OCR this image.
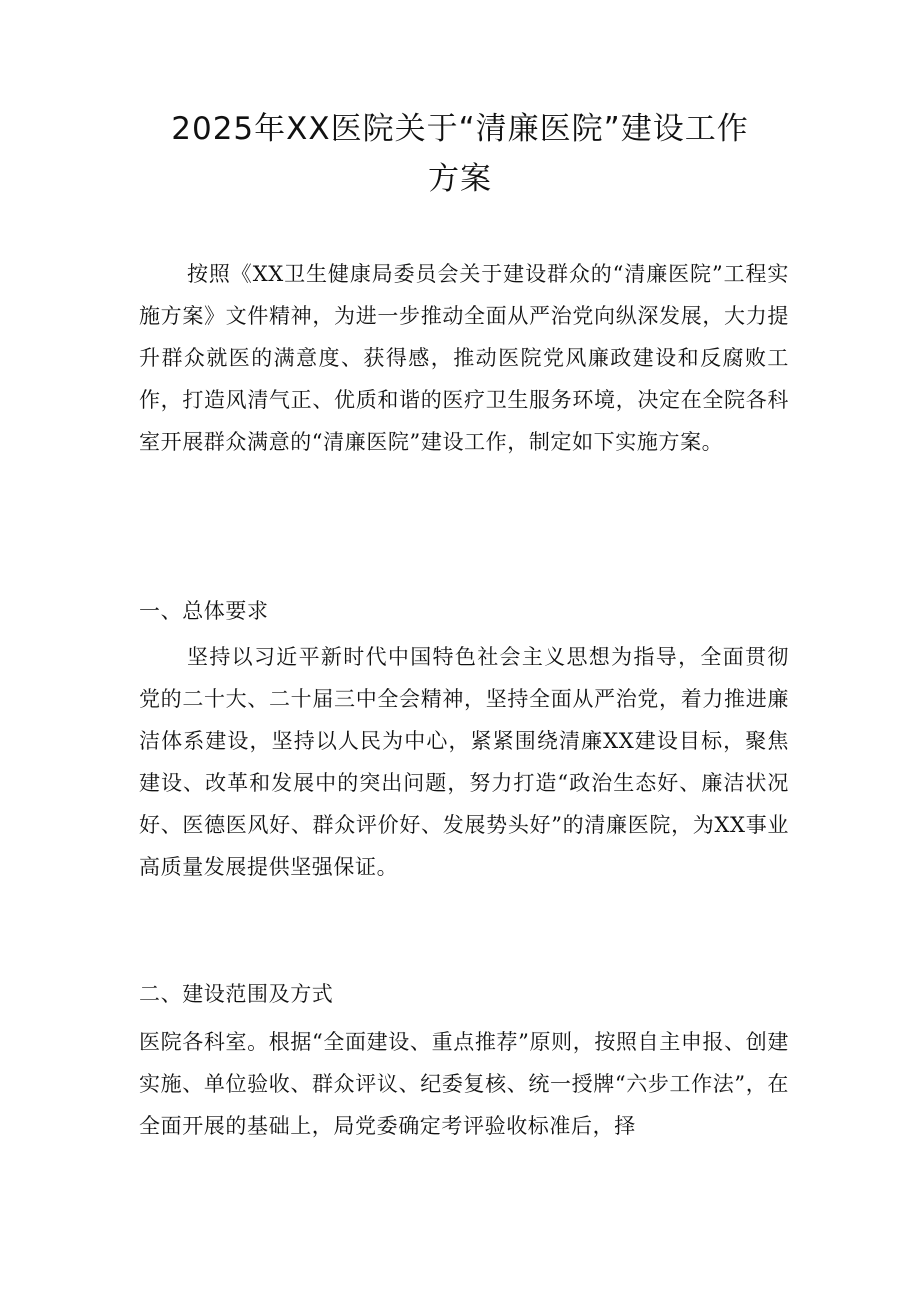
2025年XX医院关于“清廉医院”建设工作
方案

按照《XX卫生健康局委员会关于建设群众的“清廉医院”工程实施方案》文件精神，为进一步推动全面从严治党向纵深发展，大力提升群众就医的满意度、获得感，推动医院党风廉政建设和反腐败工作，打造风清气正、优质和谐的医疗卫生服务环境，决定在全院各科室开展群众满意的“清廉医院”建设工作，制定如下实施方案。

一、总体要求

坚持以习近平新时代中国特色社会主义思想为指导，全面贯彻党的二十大、二十届三中全会精神，坚持全面从严治党，着力推进廉洁体系建设，坚持以人民为中心，紧紧围绕清廉XX建设目标，聚焦建设、改革和发展中的突出问题，努力打造“政治生态好、廉洁状况好、医德医风好、群众评价好、发展势头好”的清廉医院，为XX事业高质量发展提供坚强保证。

二、建设范围及方式

医院各科室。根据“全面建设、重点推荐”原则，按照自主申报、创建实施、单位验收、群众评议、纪委复核、统一授牌“六步工作法”，在全面开展的基础上，局党委确定考评验收标准后，择
